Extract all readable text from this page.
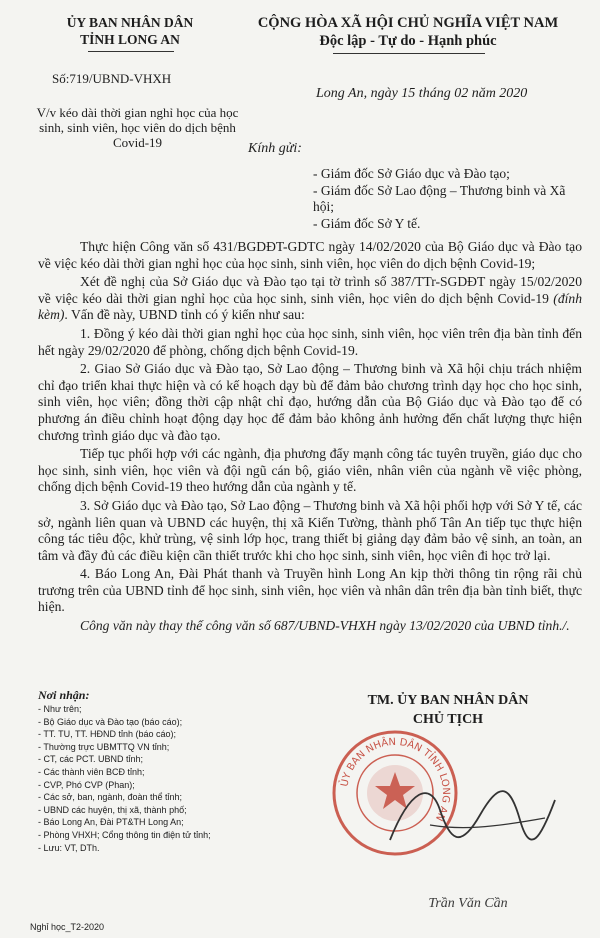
ỦY BAN NHÂN DÂN
TỈNH LONG AN
CỘNG HÒA XÃ HỘI CHỦ NGHĨA VIỆT NAM
Độc lập - Tự do - Hạnh phúc
Số:719/UBND-VHXH
Long An, ngày 15 tháng 02 năm 2020
V/v kéo dài thời gian nghỉ học của học sinh, sinh viên, học viên do dịch bệnh Covid-19	Kính gửi:
- Giám đốc Sở Giáo dục và Đào tạo;
- Giám đốc Sở Lao động – Thương binh và Xã hội;
- Giám đốc Sở Y tế.

Thực hiện Công văn số 431/BGDĐT-GDTC ngày 14/02/2020 của Bộ Giáo dục và Đào tạo về việc kéo dài thời gian nghỉ học của học sinh, sinh viên, học viên do dịch bệnh Covid-19;

Xét đề nghị của Sở Giáo dục và Đào tạo tại tờ trình số 387/TTr-SGDĐT ngày 15/02/2020 về việc kéo dài thời gian nghỉ học của học sinh, sinh viên, học viên do dịch bệnh Covid-19 (đính kèm). Vấn đề này, UBND tỉnh có ý kiến như sau:

1. Đồng ý kéo dài thời gian nghỉ học của học sinh, sinh viên, học viên trên địa bàn tỉnh đến hết ngày 29/02/2020 để phòng, chống dịch bệnh Covid-19.

2. Giao Sở Giáo dục và Đào tạo, Sở Lao động – Thương binh và Xã hội chịu trách nhiệm chỉ đạo triển khai thực hiện và có kế hoạch dạy bù để đảm bảo chương trình dạy học cho học sinh, sinh viên, học viên; đồng thời cập nhật chỉ đạo, hướng dẫn của Bộ Giáo dục và Đào tạo để có phương án điều chỉnh hoạt động dạy học để đảm bảo không ảnh hưởng đến chất lượng thực hiện chương trình giáo dục và đào tạo.

Tiếp tục phối hợp với các ngành, địa phương đẩy mạnh công tác tuyên truyền, giáo dục cho học sinh, sinh viên, học viên và đội ngũ cán bộ, giáo viên, nhân viên của ngành về việc phòng, chống dịch bệnh Covid-19 theo hướng dẫn của ngành y tế.

3. Sở Giáo dục và Đào tạo, Sở Lao động – Thương binh và Xã hội phối hợp với Sở Y tế, các sở, ngành liên quan và UBND các huyện, thị xã Kiến Tường, thành phố Tân An tiếp tục thực hiện công tác tiêu độc, khử trùng, vệ sinh lớp học, trang thiết bị giảng dạy đảm bảo vệ sinh, an toàn, an tâm và đầy đủ các điều kiện cần thiết trước khi cho học sinh, sinh viên, học viên đi học trở lại.

4. Báo Long An, Đài Phát thanh và Truyền hình Long An kịp thời thông tin rộng rãi chủ trương trên của UBND tỉnh để học sinh, sinh viên, học viên và nhân dân trên địa bàn tỉnh biết, thực hiện.

Công văn này thay thế công văn số 687/UBND-VHXH ngày 13/02/2020 của UBND tỉnh./.

Nơi nhận:
- Như trên;
- Bộ Giáo dục và Đào tạo (báo cáo);
- TT. TU, TT. HĐND tỉnh (báo cáo);
- Thường trực UBMTTQ VN tỉnh;
- CT, các PCT. UBND tỉnh;
- Các thành viên BCĐ tỉnh;
- CVP, Phó CVP (Phan);
- Các sở, ban, ngành, đoàn thể tỉnh;
- UBND các huyện, thị xã, thành phố;
- Báo Long An, Đài PT&TH Long An;
- Phòng VHXH; Cổng thông tin điện tử tỉnh;
- Lưu: VT, DTh.
Nghỉ học_T2-2020
TM. ỦY BAN NHÂN DÂN
CHỦ TỊCH
ỦY BAN NHÂN DÂN TỈNH LONG AN
Trần Văn Cần
